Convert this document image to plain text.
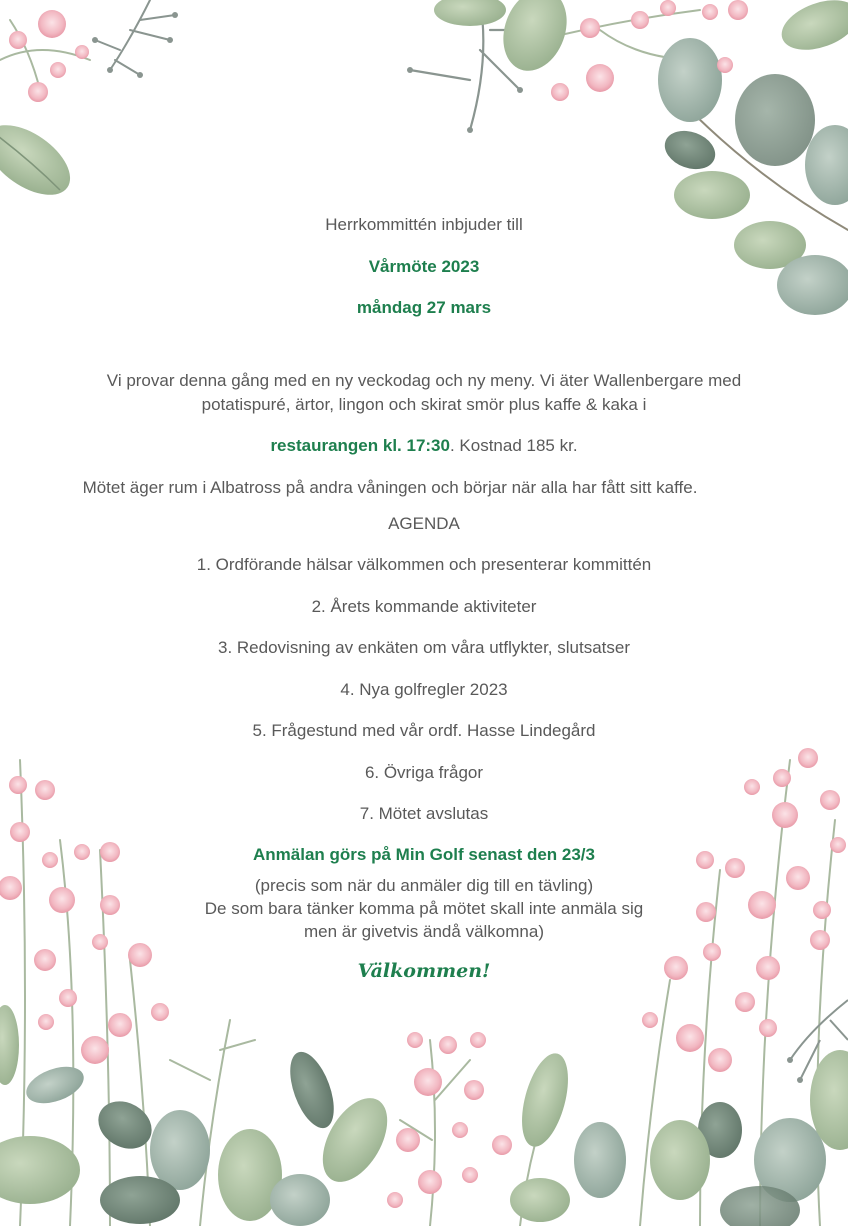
Herrkommittén inbjuder till
Vårmöte 2023
måndag 27 mars
Vi provar denna gång med en ny veckodag och ny meny. Vi äter Wallenbergare med
potatispuré, ärtor, lingon och skirat smör plus kaffe & kaka i
restaurangen kl. 17:30. Kostnad 185 kr.
Mötet äger rum i Albatross på andra våningen och börjar när alla har fått sitt kaffe.
AGENDA
1. Ordförande hälsar välkommen och presenterar kommittén
2. Årets kommande aktiviteter
3. Redovisning av enkäten om våra utflykter, slutsatser
4. Nya golfregler 2023
5. Frågestund med vår ordf. Hasse Lindegård
6. Övriga frågor
7. Mötet avslutas
Anmälan görs på Min Golf senast den 23/3
(precis som när du anmäler dig till en tävling)
De som bara tänker komma på mötet skall inte anmäla sig
men är givetvis ändå välkomna)
Välkommen!
